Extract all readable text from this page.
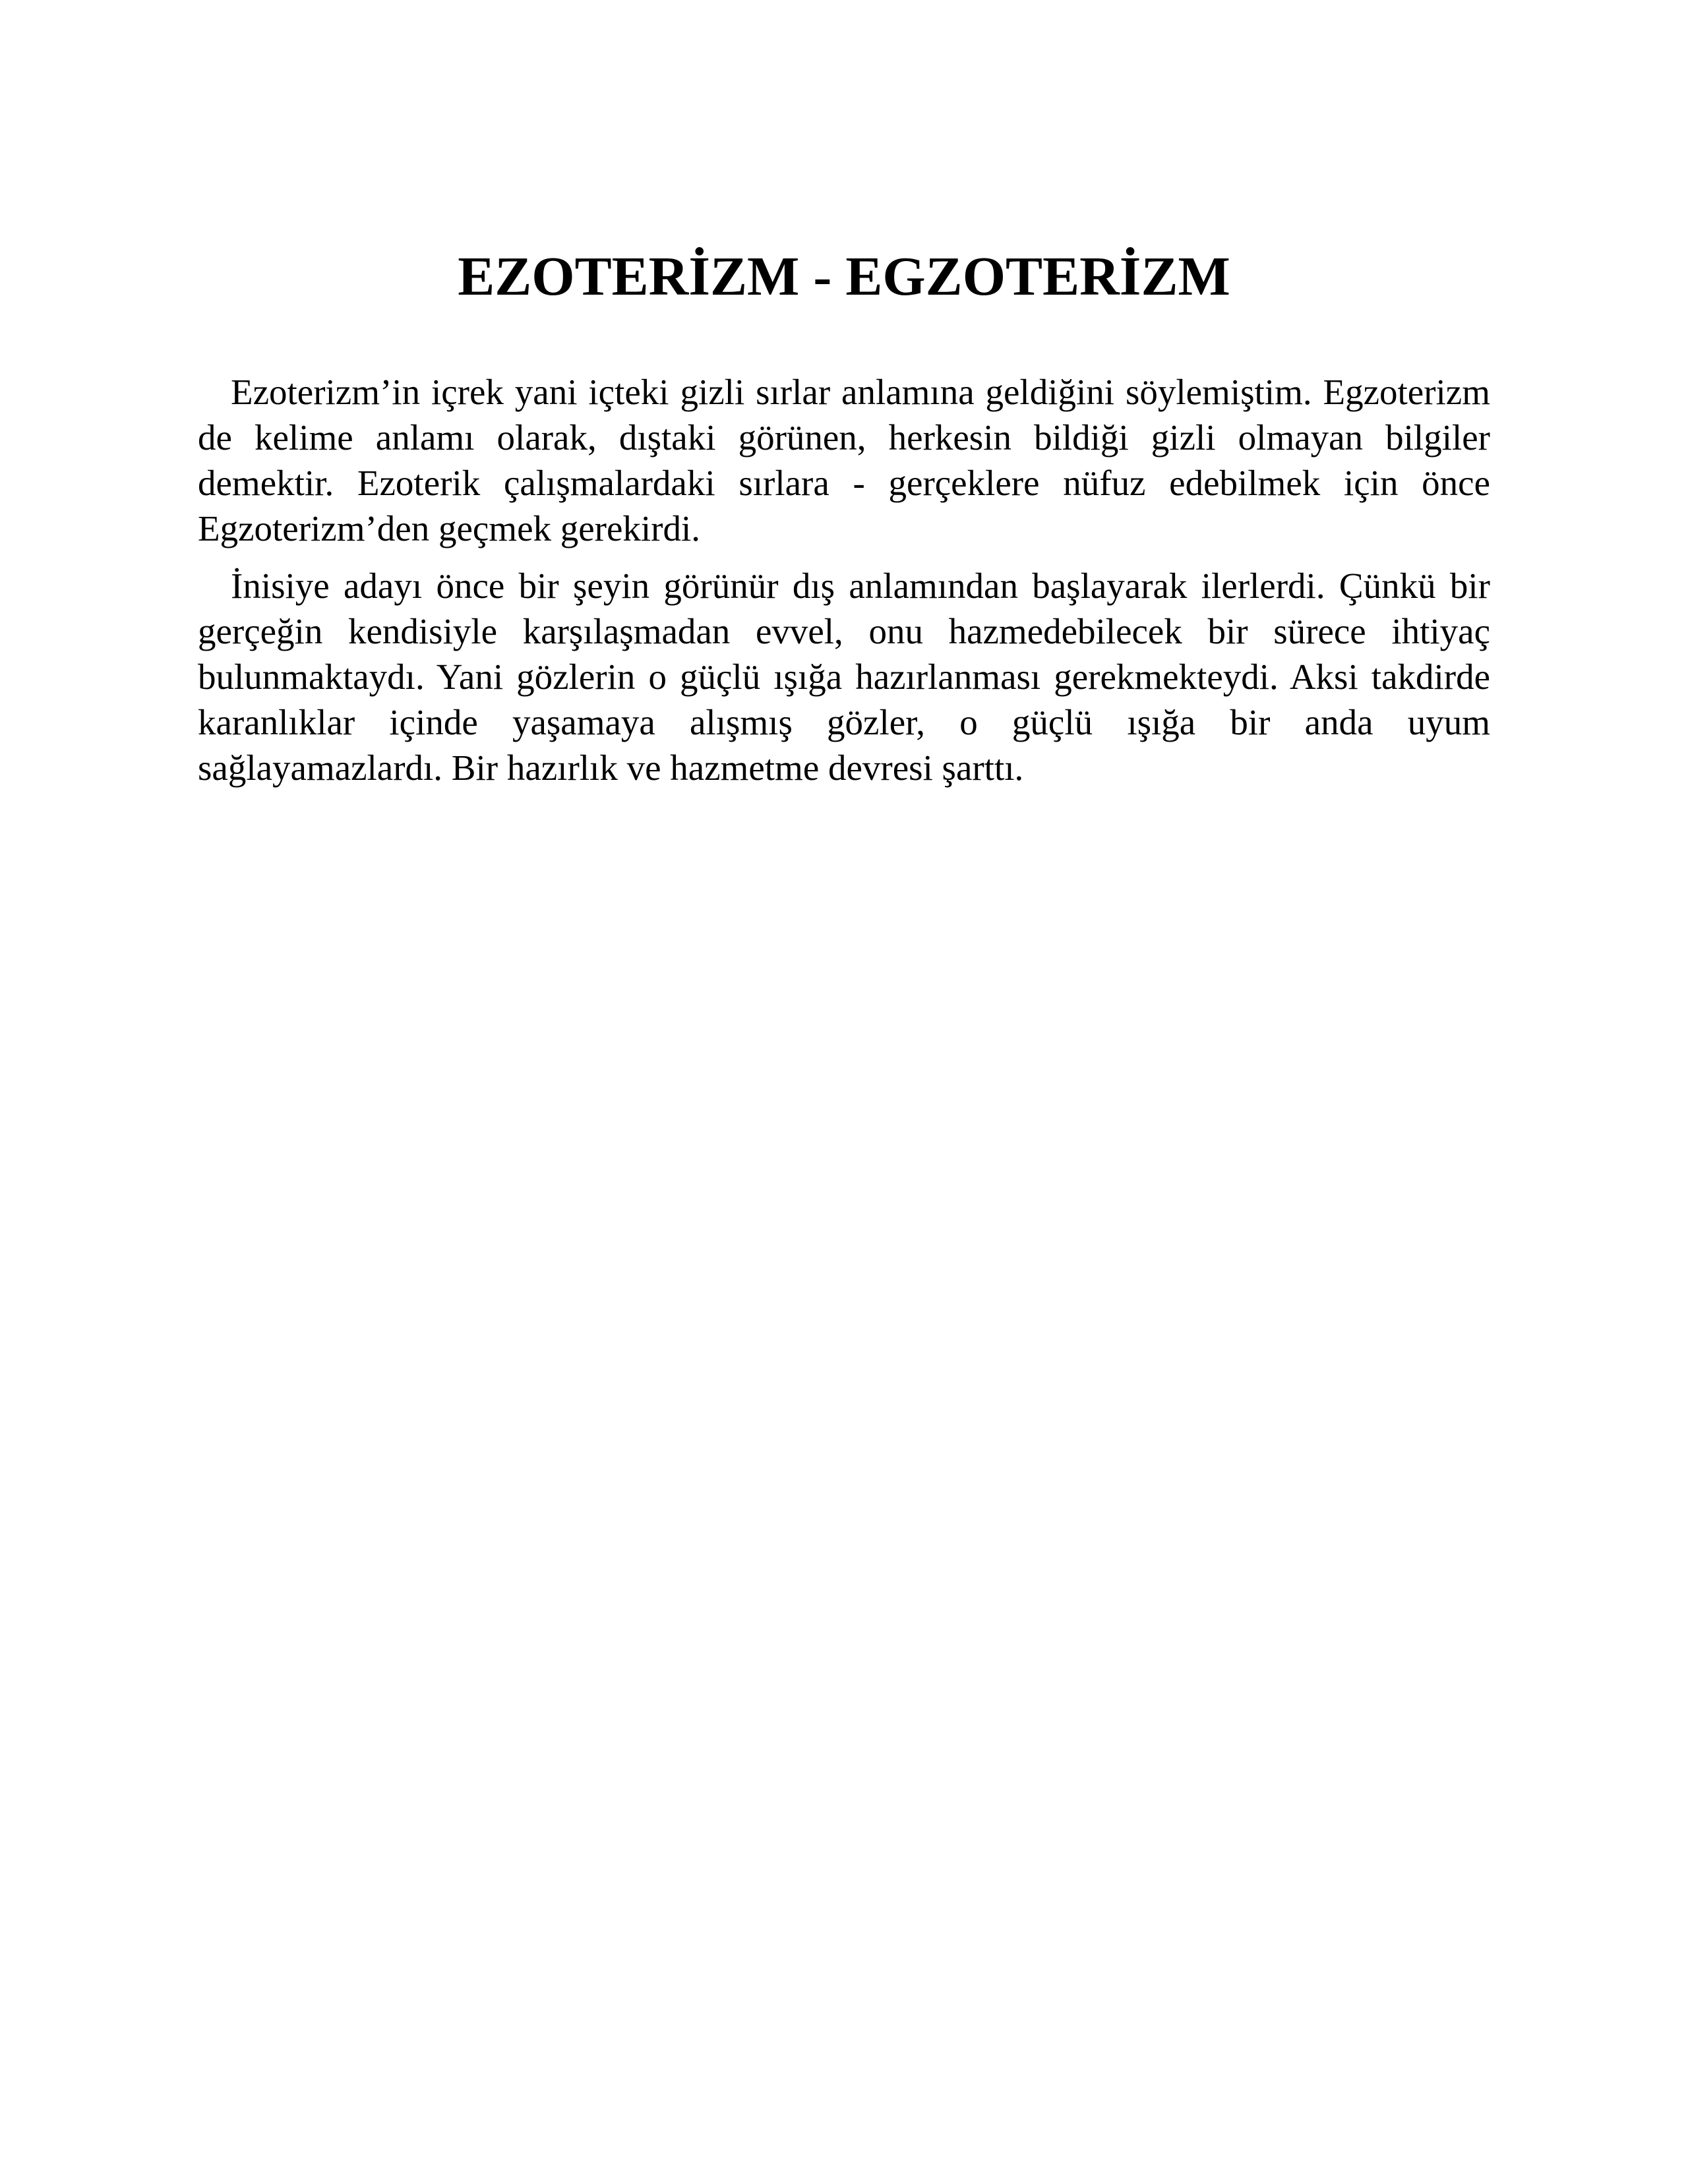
EZOTERİZM - EGZOTERİZM

Ezoterizm’in içrek yani içteki gizli sırlar anlamına geldiğini söylemiştim. Egzoterizm de kelime anlamı olarak, dıştaki görünen, herkesin bildiği gizli olmayan bilgiler demektir. Ezoterik çalışmalardaki sırlara - gerçeklere nüfuz edebilmek için önce Egzoterizm’den geçmek gerekirdi.

İnisiye adayı önce bir şeyin görünür dış anlamından başlayarak ilerlerdi. Çünkü bir gerçeğin kendisiyle karşılaşmadan evvel, onu hazmedebilecek bir sürece ihtiyaç bulunmaktaydı. Yani gözlerin o güçlü ışığa hazırlanması gerekmekteydi. Aksi takdirde karanlıklar içinde yaşamaya alışmış gözler, o güçlü ışığa bir anda uyum sağlayamazlardı. Bir hazırlık ve hazmetme devresi şarttı.
